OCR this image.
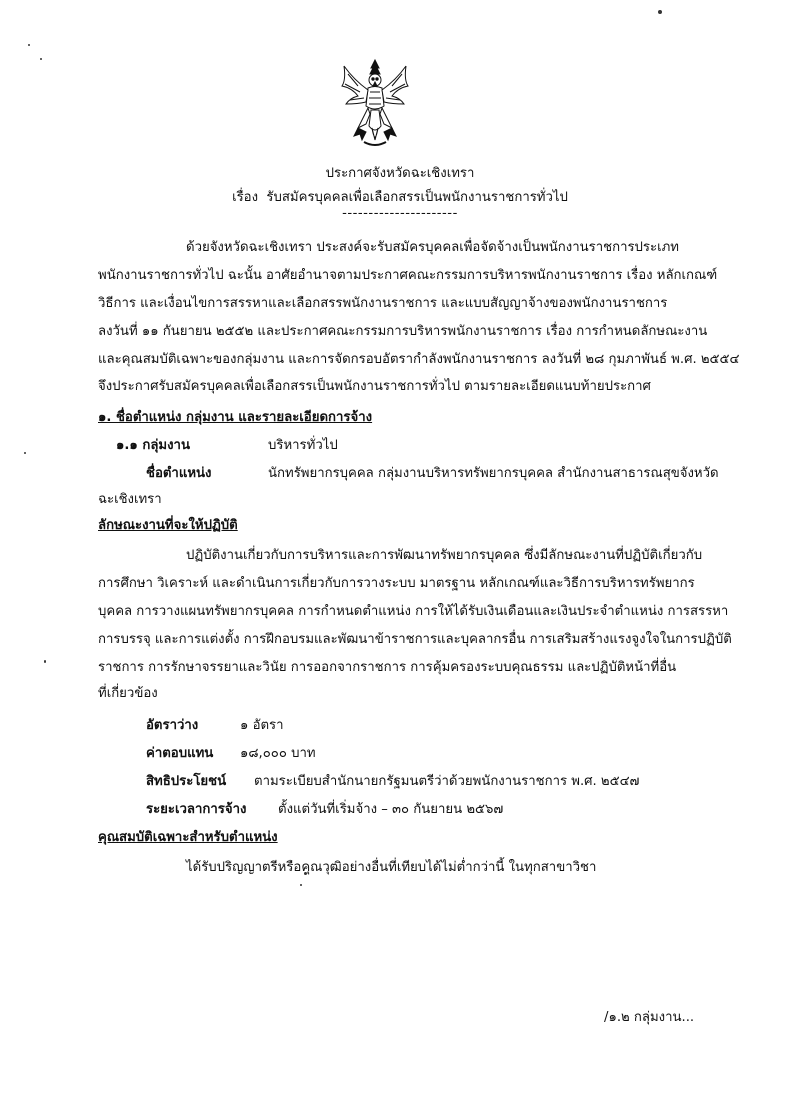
ประกาศจังหวัดฉะเชิงเทรา
เรื่อง รับสมัครบุคคลเพื่อเลือกสรรเป็นพนักงานราชการทั่วไป
----------------------
ด้วยจังหวัดฉะเชิงเทรา ประสงค์จะรับสมัครบุคคลเพื่อจัดจ้างเป็นพนักงานราชการประเภท
พนักงานราชการทั่วไป ฉะนั้น อาศัยอำนาจตามประกาศคณะกรรมการบริหารพนักงานราชการ เรื่อง หลักเกณฑ์
วิธีการ และเงื่อนไขการสรรหาและเลือกสรรพนักงานราชการ และแบบสัญญาจ้างของพนักงานราชการ
ลงวันที่ ๑๑ กันยายน ๒๕๕๒ และประกาศคณะกรรมการบริหารพนักงานราชการ เรื่อง การกำหนดลักษณะงาน
และคุณสมบัติเฉพาะของกลุ่มงาน และการจัดกรอบอัตรากำลังพนักงานราชการ ลงวันที่ ๒๘ กุมภาพันธ์ พ.ศ. ๒๕๕๔
จึงประกาศรับสมัครบุคคลเพื่อเลือกสรรเป็นพนักงานราชการทั่วไป ตามรายละเอียดแนบท้ายประกาศ
๑. ชื่อตำแหน่ง กลุ่มงาน และรายละเอียดการจ้าง
๑.๑ กลุ่มงาน	บริหารทั่วไป
ชื่อตำแหน่ง	นักทรัพยากรบุคคล กลุ่มงานบริหารทรัพยากรบุคคล สำนักงานสาธารณสุขจังหวัด
ฉะเชิงเทรา
ลักษณะงานที่จะให้ปฏิบัติ
ปฏิบัติงานเกี่ยวกับการบริหารและการพัฒนาทรัพยากรบุคคล ซึ่งมีลักษณะงานที่ปฏิบัติเกี่ยวกับ
การศึกษา วิเคราะห์ และดำเนินการเกี่ยวกับการวางระบบ มาตรฐาน หลักเกณฑ์และวิธีการบริหารทรัพยากร
บุคคล การวางแผนทรัพยากรบุคคล การกำหนดตำแหน่ง การให้ได้รับเงินเดือนและเงินประจำตำแหน่ง การสรรหา
การบรรจุ และการแต่งตั้ง การฝึกอบรมและพัฒนาข้าราชการและบุคลากรอื่น การเสริมสร้างแรงจูงใจในการปฏิบัติ
ราชการ การรักษาจรรยาและวินัย การออกจากราชการ การคุ้มครองระบบคุณธรรม และปฏิบัติหน้าที่อื่น
ที่เกี่ยวข้อง
อัตราว่าง	๑ อัตรา
ค่าตอบแทน ๑๘,๐๐๐ บาท
สิทธิประโยชน์ ตามระเบียบสำนักนายกรัฐมนตรีว่าด้วยพนักงานราชการ พ.ศ. ๒๕๔๗
ระยะเวลาการจ้าง ตั้งแต่วันที่เริ่มจ้าง – ๓๐ กันยายน ๒๕๖๗
คุณสมบัติเฉพาะสำหรับตำแหน่ง
ได้รับปริญญาตรีหรือคุณวุฒิอย่างอื่นที่เทียบได้ไม่ต่ำกว่านี้ ในทุกสาขาวิชา
/๑.๒ กลุ่มงาน...
